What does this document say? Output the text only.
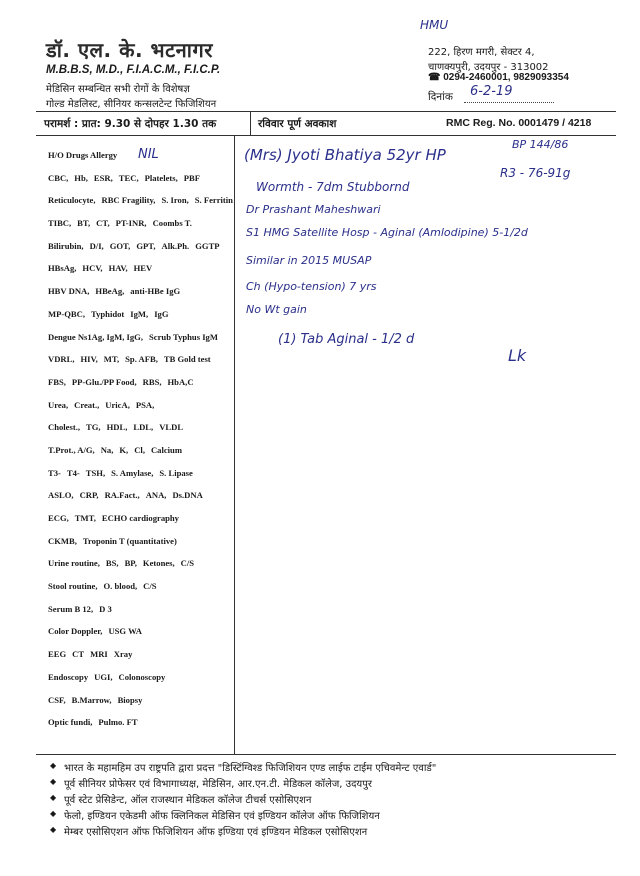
डॉ. एल. के. भटनागर
M.B.B.S, M.D., F.I.A.C.M., F.I.C.P.
मेडिसिन सम्बन्धित सभी रोगों के विशेषज्ञ
गोल्ड मेडलिस्ट, सीनियर कन्सलटेन्ट फिजिशियन
222, हिरण मगरी, सेक्टर 4,
चाणक्यपुरी, उदयपुर - 313002
☎ 0294-2460001, 9829093354
दिनांक
परामर्श : प्रात: 9.30 से दोपहर 1.30 तक	रविवार पूर्ण अवकाश	RMC Reg. No. 0001479 / 4218
H/O Drugs Allergy
CBC, Hb, ESR, TEC, Platelets, PBF
Reticulocyte, RBC Fragility, S. Iron, S. Ferritin
TIBC, BT, CT, PT-INR, Coombs T.
Bilirubin, D/I, GOT, GPT, Alk.Ph. GGTP
HBsAg, HCV, HAV, HEV
HBV DNA, HBeAg, anti-HBe IgG
MP-QBC, Typhidot IgM, IgG
Dengue Ns1Ag, IgM, IgG, Scrub Typhus IgM
VDRL, HIV, MT, Sp. AFB, TB Gold test
FBS, PP-Glu./PP Food, RBS, HbA,C
Urea, Creat., UricA, PSA,
Cholest., TG, HDL, LDL, VLDL
T.Prot., A/G, Na, K, Cl, Calcium
T3- T4- TSH, S. Amylase, S. Lipase
ASLO, CRP, RA.Fact., ANA, Ds.DNA
ECG, TMT, ECHO cardiography
CKMB, Troponin T (quantitative)
Urine routine, BS, BP, Ketones, C/S
Stool routine, O. blood, C/S
Serum B 12, D 3
Color Doppler, USG WA
EEG CT MRI Xray
Endoscopy UGI, Colonoscopy
CSF, B.Marrow, Biopsy
Optic fundi, Pulmo. FT
HMU
6-2-19
NIL	(Mrs) Jyoti Bhatiya 52yr HP
BP 144/86
R3 - 76-91g
Wormth - 7dm Stubbornd
Dr Prashant Maheshwari
S1 HMG Satellite Hosp - Aginal (Amlodipine) 5-1/2d
Similar in 2015 MUSAP
Ch (Hypo-tension) 7 yrs
No Wt gain
(1) Tab Aginal - 1/2 d
Lk
◆ भारत के महामहिम उप राष्ट्रपति द्वारा प्रदत्त "डिस्टिंग्विश्ड फिजिशियन एण्ड लाईफ टाईम एचिवमेन्ट एवार्ड"
◆ पूर्व सीनियर प्रोफेसर एवं विभागाध्यक्ष, मेडिसिन, आर.एन.टी. मेडिकल कॉलेज, उदयपुर
◆ पूर्व स्टेट प्रेसिडेन्ट, ऑल राजस्थान मेडिकल कॉलेज टीचर्स एसोसिएशन
◆ फेलो, इण्डियन एकेडमी ऑफ क्लिनिकल मेडिसिन एवं इण्डियन कॉलेज ऑफ फिजिशियन
◆ मेम्बर एसोसिएशन ऑफ फिजिशियन ऑफ इण्डिया एवं इण्डियन मेडिकल एसोसिएशन
